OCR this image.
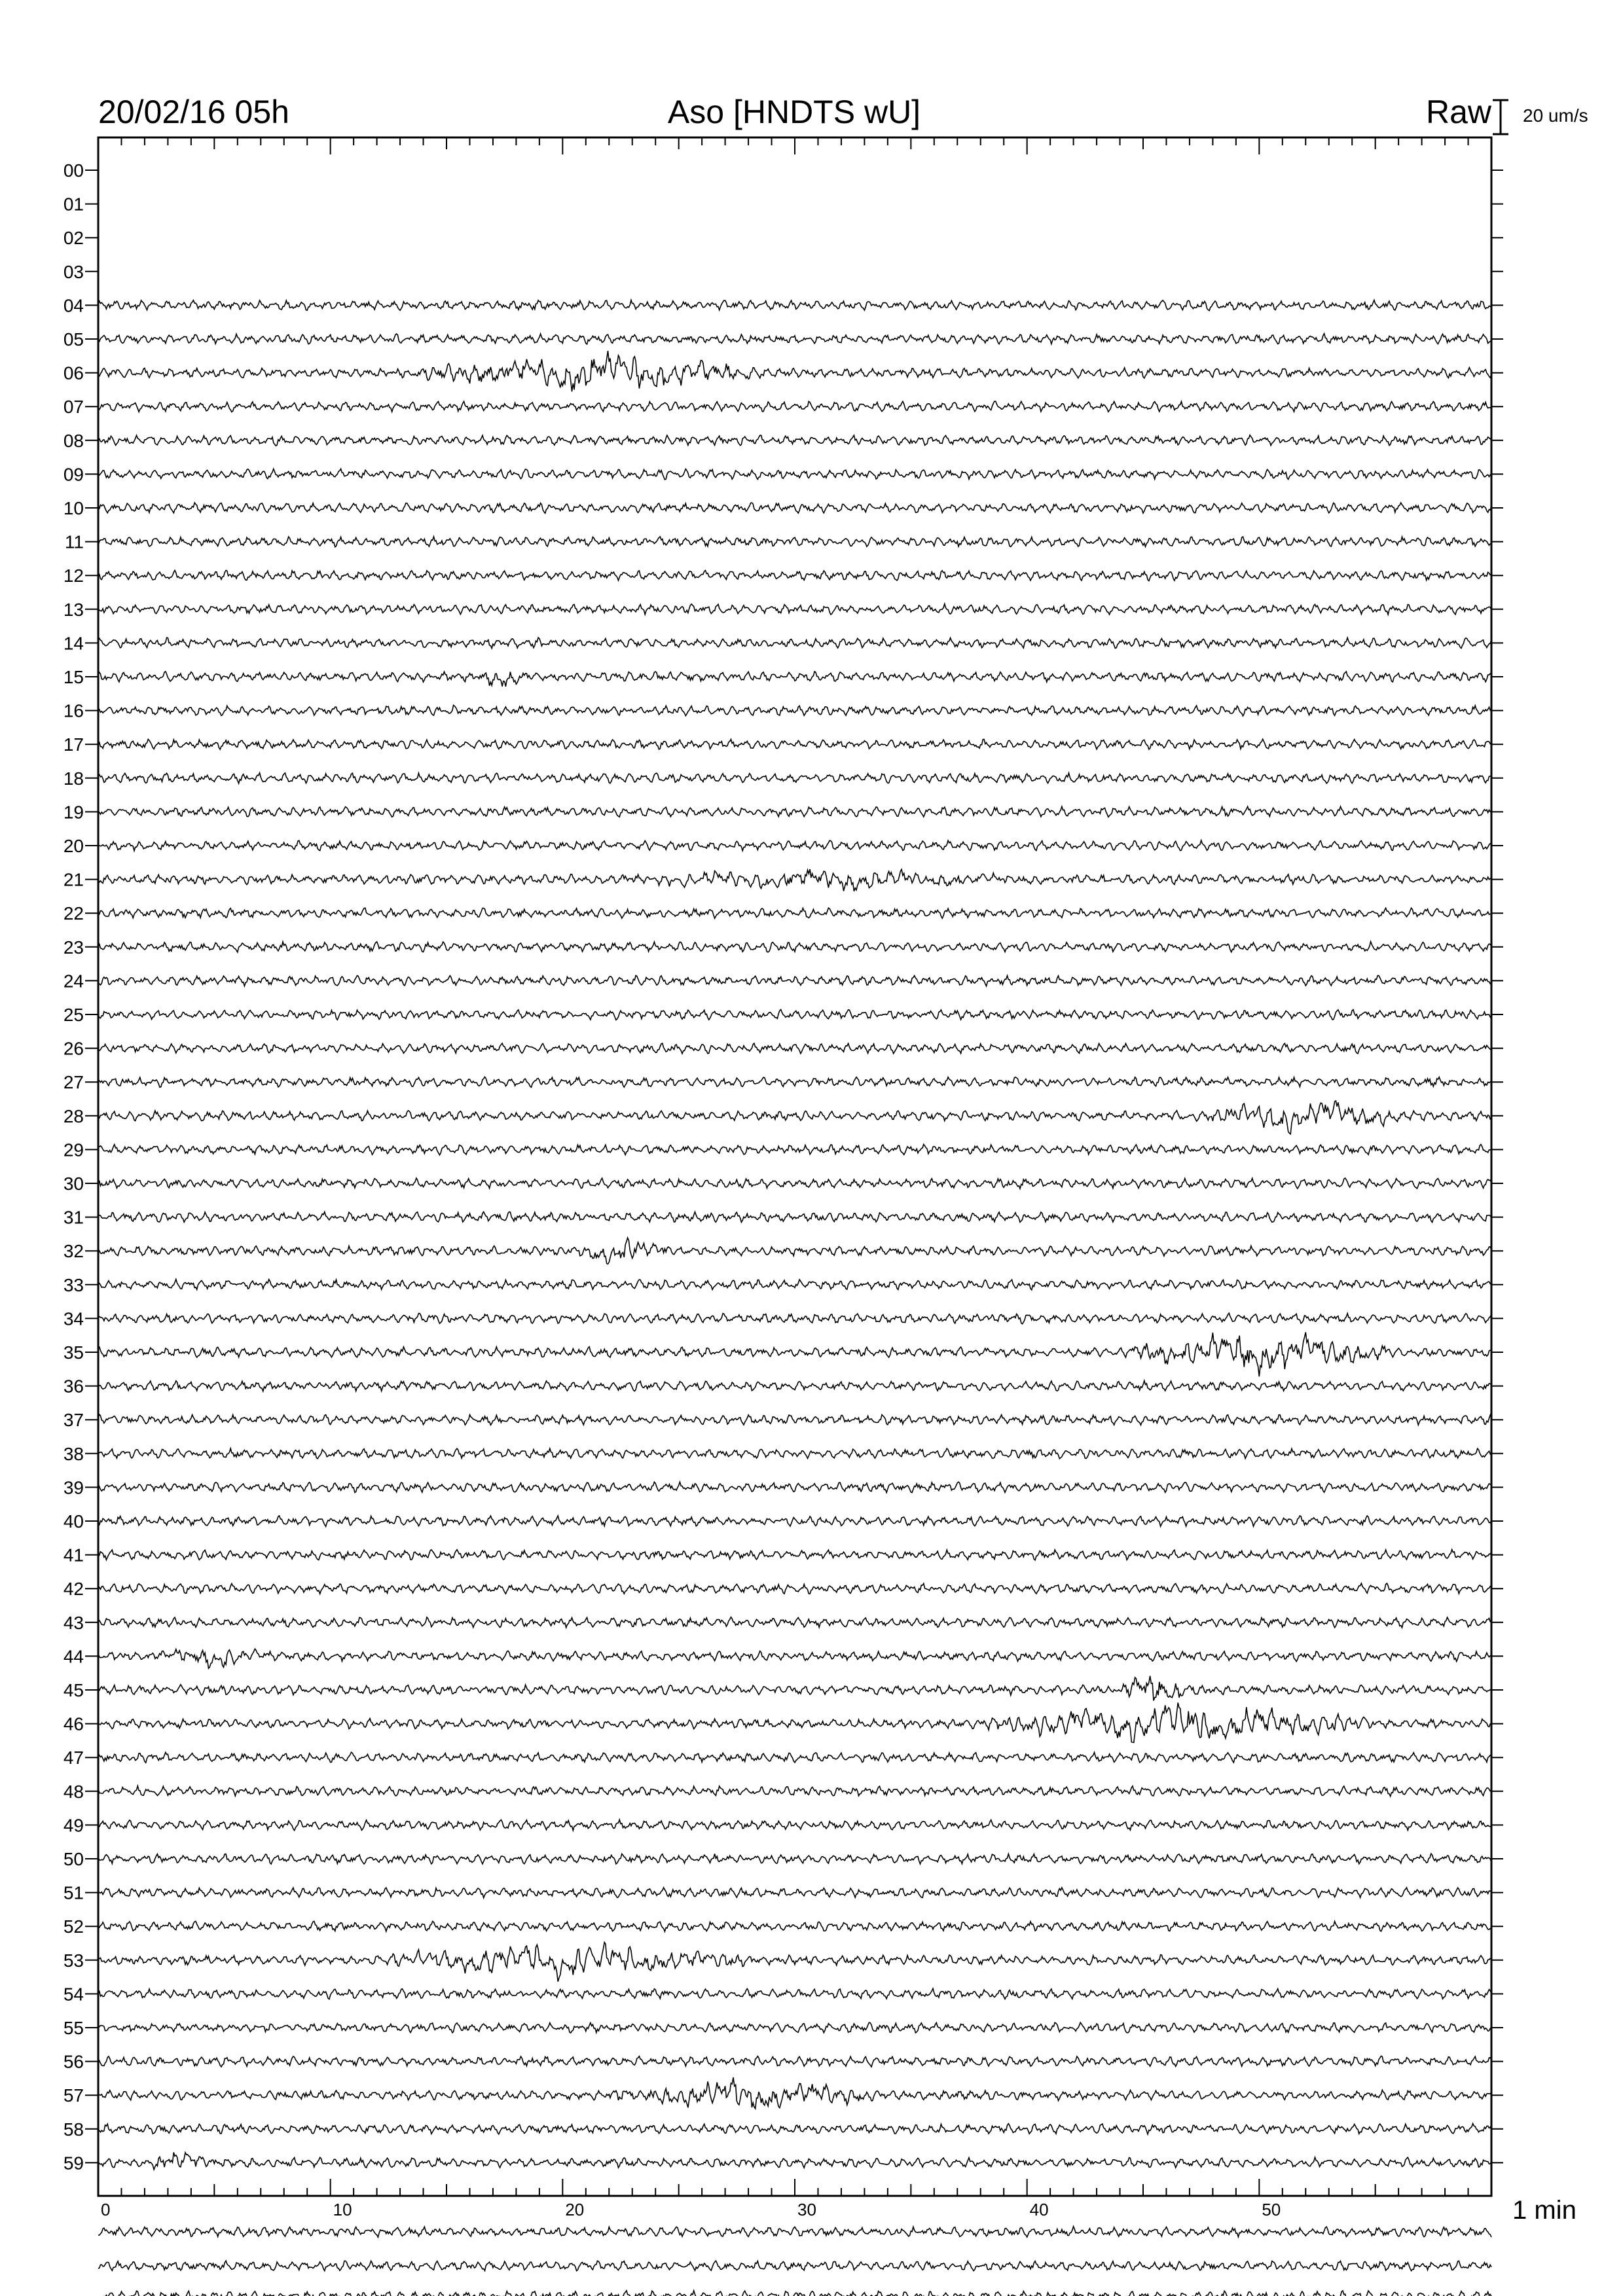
20/02/16 05h	Aso [HNDTS wU]	Raw 20 um/s
00
01
02
03
04
05
06
07
08
09
10
11
12
13
14
15
16
17
18
19
20
21
22
23
24
25
26
27
28
29
30
31
32
33
34
35
36
37
38
39
40
41
42
43
44
45
46
47
48
49
50
51
52
53
54
55
56
57
58
59
0	10	20	30	40	50	1 min
